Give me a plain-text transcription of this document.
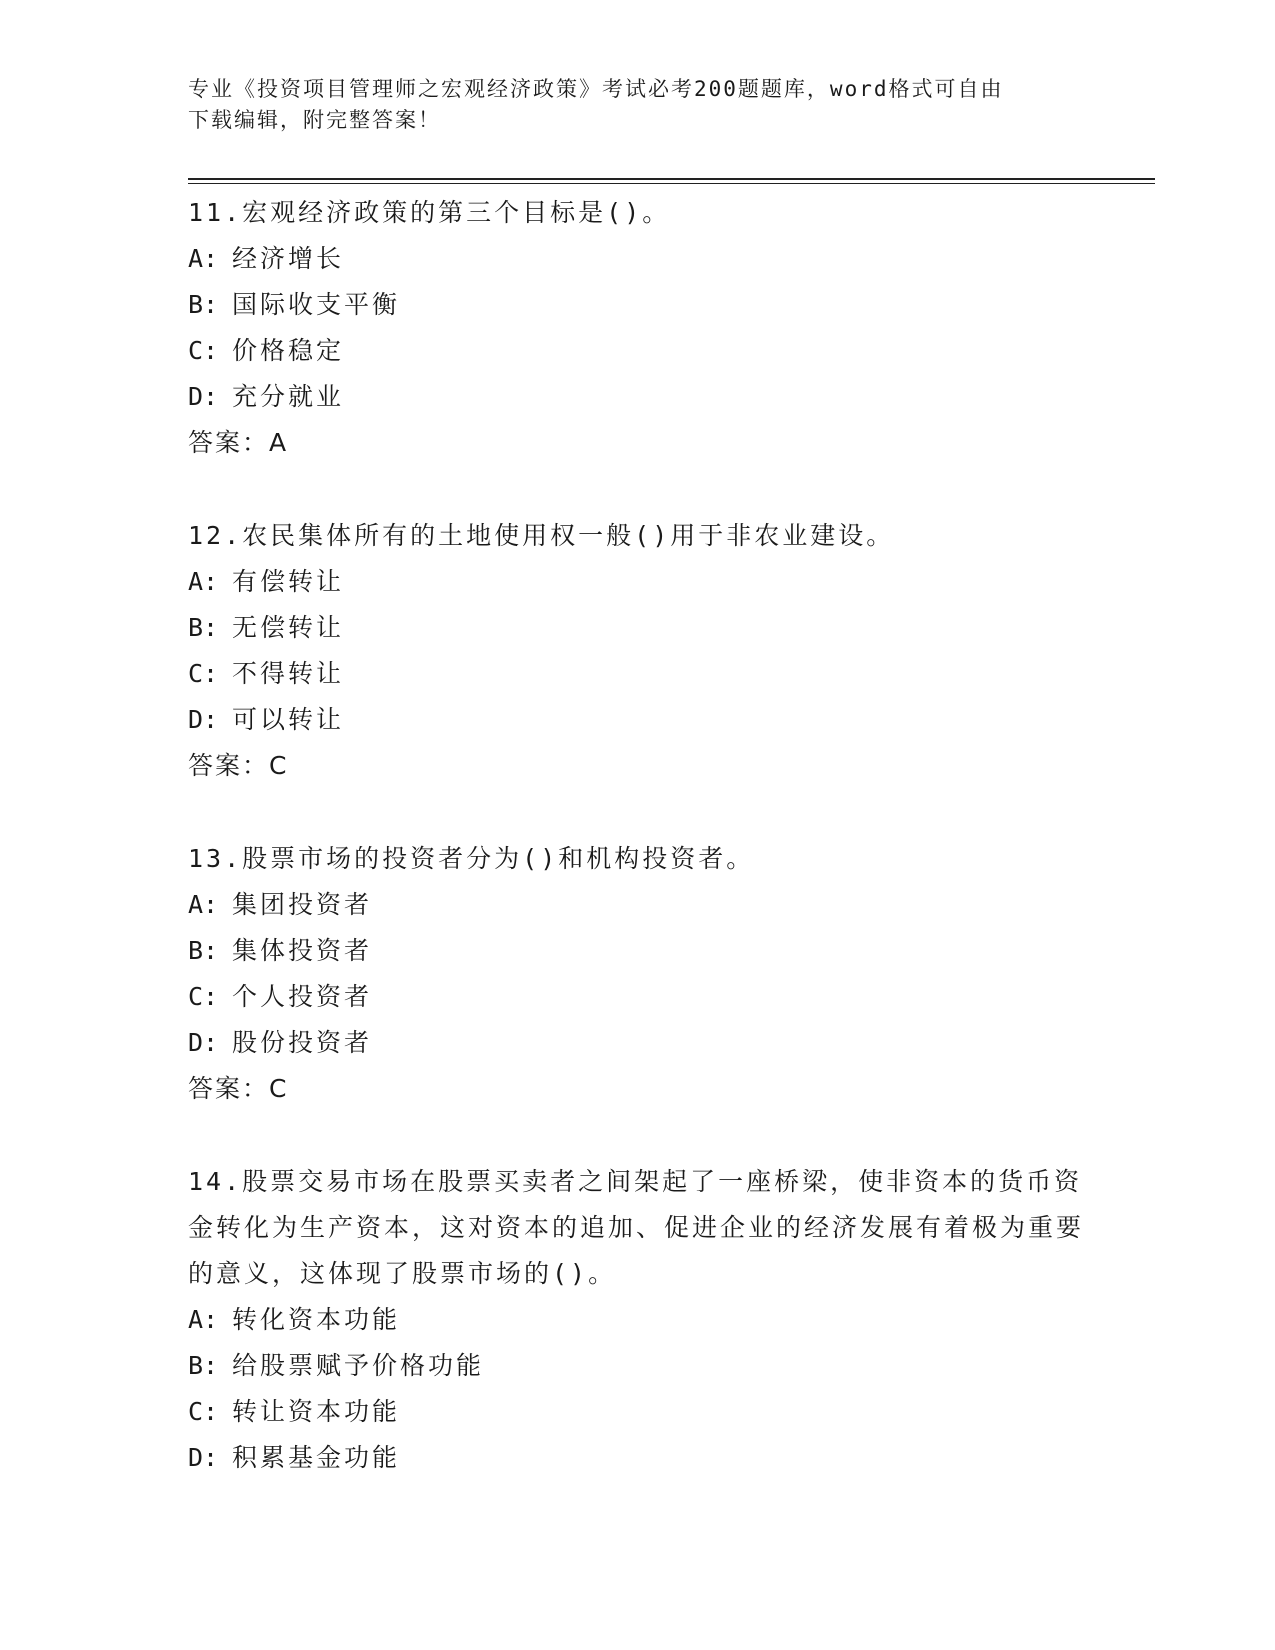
专业《投资项目管理师之宏观经济政策》考试必考200题题库，word格式可自由
下载编辑，附完整答案！
11.宏观经济政策的第三个目标是()。
A: 经济增长
B: 国际收支平衡
C: 价格稳定
D: 充分就业
答案：A
12.农民集体所有的土地使用权一般()用于非农业建设。
A: 有偿转让
B: 无偿转让
C: 不得转让
D: 可以转让
答案：C
13.股票市场的投资者分为()和机构投资者。
A: 集团投资者
B: 集体投资者
C: 个人投资者
D: 股份投资者
答案：C
14.股票交易市场在股票买卖者之间架起了一座桥梁，使非资本的货币资金转化为生产资本，这对资本的追加、促进企业的经济发展有着极为重要的意义，这体现了股票市场的()。
A: 转化资本功能
B: 给股票赋予价格功能
C: 转让资本功能
D: 积累基金功能
